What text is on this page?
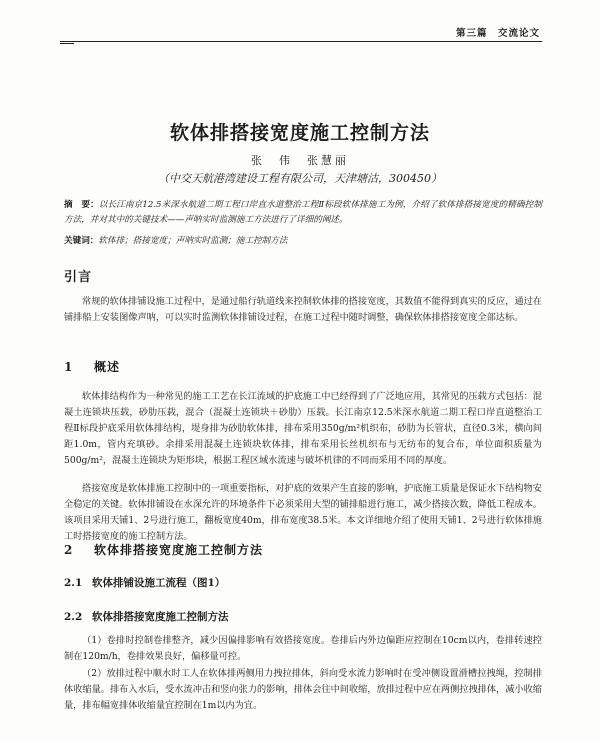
第三篇　交流论文
软体排搭接宽度施工控制方法
张　伟　张慧丽
（中交天航港湾建设工程有限公司，天津塘沽，300450）
摘　要：以长江南京12.5米深水航道二期工程口岸直水道整治工程Ⅱ标段软体排施工为例，介绍了软体排搭接宽度的精确控制方法，并对其中的关键技术——声呐实时监测施工方法进行了详细的阐述。
关键词：软体排；搭接宽度；声呐实时监测；施工控制方法
引言
常规的软体排铺设施工过程中，是通过船行轨道线来控制软体排的搭接宽度，其数值不能得到真实的反应，通过在铺排船上安装图像声呐，可以实时监测软体排铺设过程，在施工过程中随时调整，确保软体排搭接宽度全部达标。
1 概述
软体排结构作为一种常见的施工工艺在长江流域的护底施工中已经得到了广泛地应用，其常见的压载方式包括：混凝土连锁块压载，砂肋压载，混合（混凝土连锁块＋砂肋）压载。长江南京12.5米深水航道二期工程口岸直道整治工程Ⅱ标段护底采用软体排结构，堤身排为砂肋软体排，排布采用350g/m²机织布，砂肋为长管状，直径0.3米，横向间距1.0m，管内充填砂。余排采用混凝土连锁块软体排，排布采用长丝机织布与无纺布的复合布，单位面积质量为500g/m²，混凝土连锁块为矩形块，根据工程区域水流速与破坏机律的不同而采用不同的厚度。
搭接宽度是软体排施工控制中的一项重要指标，对护底的效果产生直接的影响，护底施工质量是保证水下结构物安全稳定的关键。软体排铺设在水深允许的环境条件下必须采用大型的铺排船进行施工，减少搭接次数，降低工程成本。该项目采用天铺1、2号进行施工，翻板宽度40m，排布宽度38.5米。本文详细地介绍了使用天铺1、2号进行软体排施工时搭接宽度的施工控制方法。
2 软体排搭接宽度施工控制方法
2.1 软体排铺设施工流程（图1）
2.2 软体排搭接宽度施工控制方法
（1）卷排时控制卷排整齐，减少因偏排影响有效搭接宽度。卷排后内外边偏距应控制在10cm以内，卷排转速控制在120m/h，卷排效果良好，偏移量可控。
（2）放排过程中顺水时工人在软体排两侧用力拽拉排体，斜向受水流力影响时在受冲侧设置滑槽拉拽绳，控制排体收缩量。排布入水后，受水流冲击和竖向张力的影响，排体会往中间收缩，放排过程中应在两侧拉拽排体，减小收缩量，排布幅宽排体收缩量宜控制在1m以内为宜。
